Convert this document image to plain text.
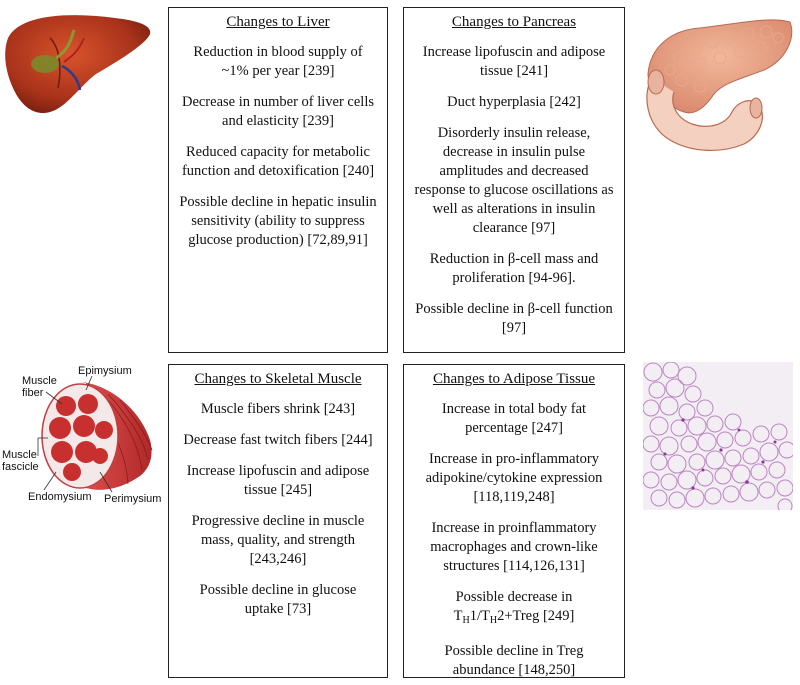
Epimysium
Muscle fiber
Muscle fascicle
Endomysium Perimysium
Changes to Liver

Reduction in blood supply of ~1% per year [239]

Decrease in number of liver cells and elasticity [239]

Reduced capacity for metabolic function and detoxification [240]

Possible decline in hepatic insulin sensitivity (ability to suppress glucose production) [72,89,91]

Changes to Pancreas

Increase lipofuscin and adipose tissue [241]

Duct hyperplasia [242]

Disorderly insulin release, decrease in insulin pulse amplitudes and decreased response to glucose oscillations as well as alterations in insulin clearance [97]

Reduction in β-cell mass and proliferation [94-96].

Possible decline in β-cell function [97]

Changes to Skeletal Muscle

Muscle fibers shrink [243]

Decrease fast twitch fibers [244]

Increase lipofuscin and adipose tissue [245]

Progressive decline in muscle mass, quality, and strength [243,246]

Possible decline in glucose uptake [73]

Changes to Adipose Tissue

Increase in total body fat percentage [247]

Increase in pro-inflammatory adipokine/cytokine expression [118,119,248]

Increase in proinflammatory macrophages and crown-like structures [114,126,131]

Possible decrease in
$T_H1/T_H2+Treg$ [249]

Possible decline in Treg abundance [148,250]
